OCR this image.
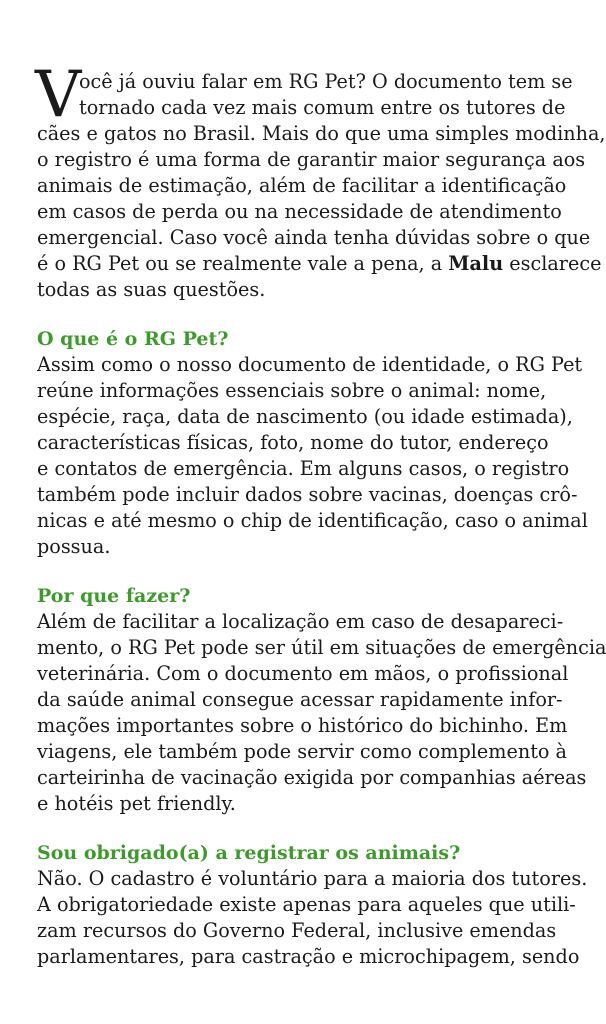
V
ocê já ouviu falar em RG Pet? O documento tem se
tornado cada vez mais comum entre os tutores de
cães e gatos no Brasil. Mais do que uma simples modinha,
o registro é uma forma de garantir maior segurança aos
animais de estimação, além de facilitar a identificação
em casos de perda ou na necessidade de atendimento
emergencial. Caso você ainda tenha dúvidas sobre o que
é o RG Pet ou se realmente vale a pena, a Malu esclarece
todas as suas questões.
O que é o RG Pet?
Assim como o nosso documento de identidade, o RG Pet
reúne informações essenciais sobre o animal: nome,
espécie, raça, data de nascimento (ou idade estimada),
características físicas, foto, nome do tutor, endereço
e contatos de emergência. Em alguns casos, o registro
também pode incluir dados sobre vacinas, doenças crô-
nicas e até mesmo o chip de identificação, caso o animal
possua.
Por que fazer?
Além de facilitar a localização em caso de desapareci-
mento, o RG Pet pode ser útil em situações de emergência
veterinária. Com o documento em mãos, o profissional
da saúde animal consegue acessar rapidamente infor-
mações importantes sobre o histórico do bichinho. Em
viagens, ele também pode servir como complemento à
carteirinha de vacinação exigida por companhias aéreas
e hotéis pet friendly.
Sou obrigado(a) a registrar os animais?
Não. O cadastro é voluntário para a maioria dos tutores.
A obrigatoriedade existe apenas para aqueles que utili-
zam recursos do Governo Federal, inclusive emendas
parlamentares, para castração e microchipagem, sendo
